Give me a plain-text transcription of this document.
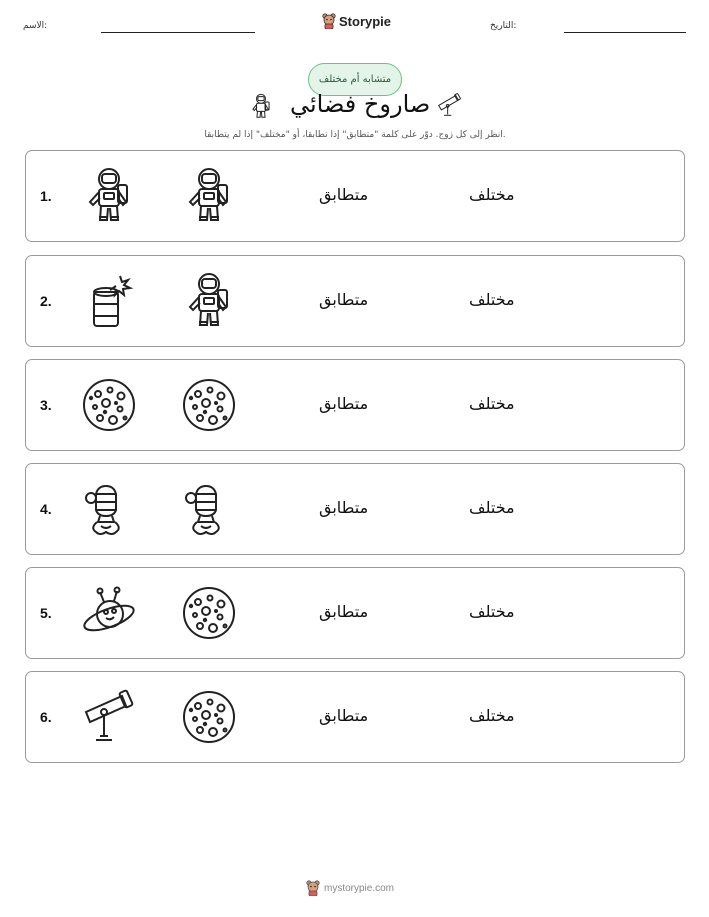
التاريخ:
الاسم:	Storypie
متشابه أم مختلف
صاروخ فضائي
انظر إلى كل زوج. دوّر على كلمة "متطابق" إذا تطابقا، أو "مختلف" إذا لم يتطابقا.
1.	متطابق	مختلف
2.	متطابق	مختلف
3.	متطابق	مختلف
4.	متطابق	مختلف
5.	متطابق	مختلف
6.	متطابق	مختلف
mystorypie.com
